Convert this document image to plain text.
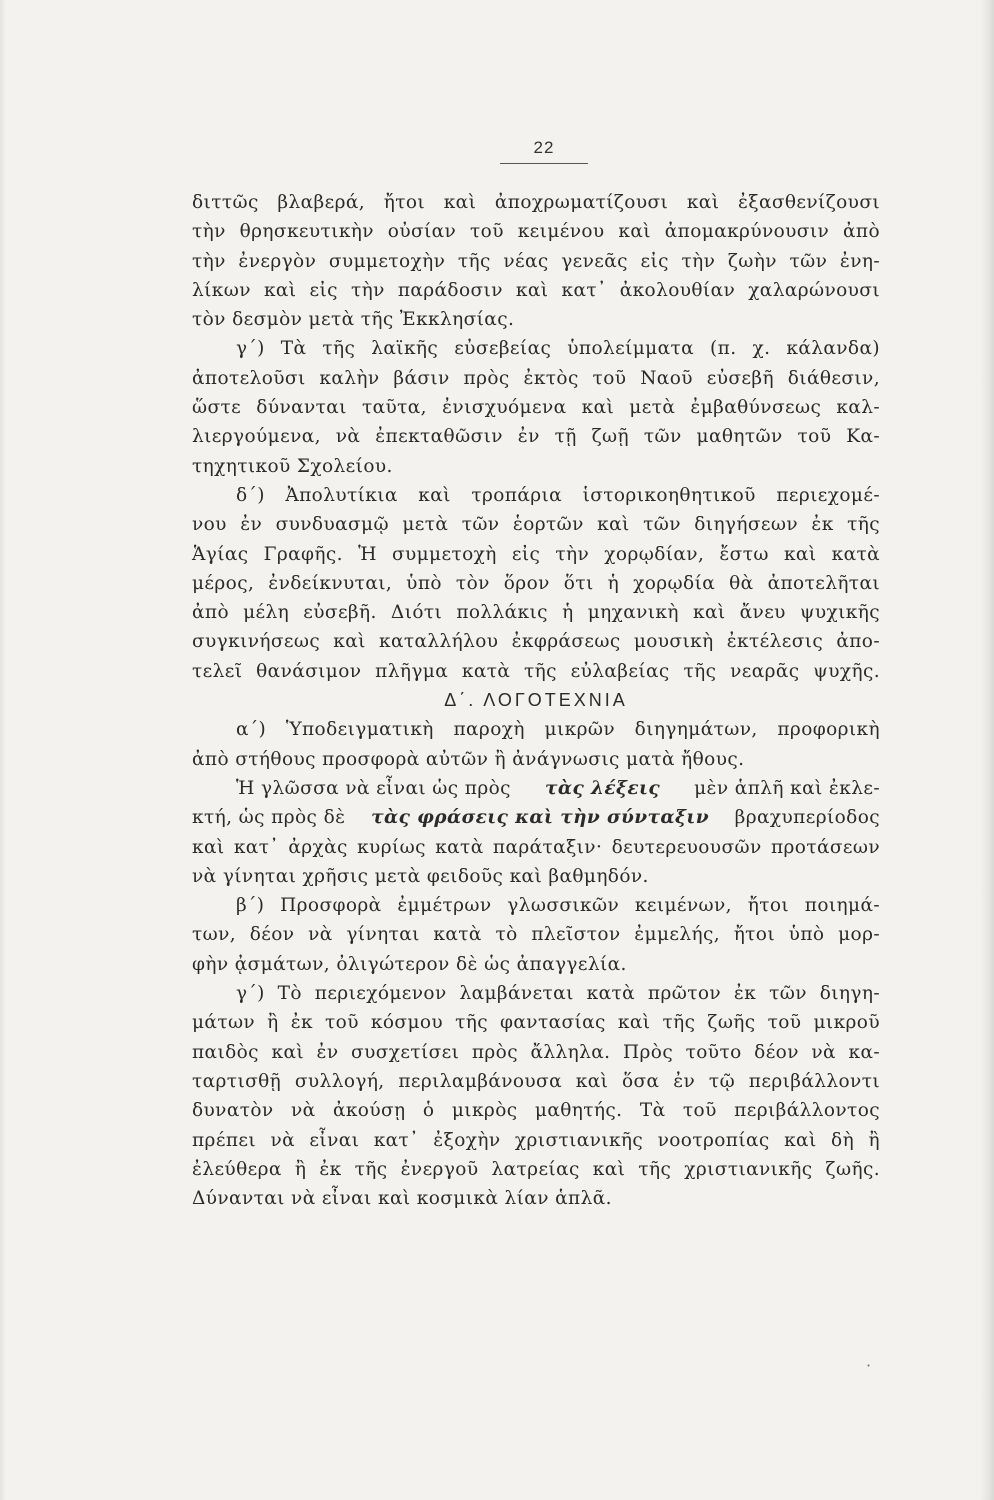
22
διττῶς βλαβερά, ἤτοι καὶ ἀποχρωματίζουσι καὶ ἐξασθενίζουσι
τὴν θρησκευτικὴν οὐσίαν τοῦ κειμένου καὶ ἀπομακρύνουσιν ἀπὸ
τὴν ἐνεργὸν συμμετοχὴν τῆς νέας γενεᾶς εἰς τὴν ζωὴν τῶν ἐνη-
λίκων καὶ εἰς τὴν παράδοσιν καὶ κατ᾿ ἀκολουθίαν χαλαρώνουσι
τὸν δεσμὸν μετὰ τῆς Ἐκκλησίας.
γ΄) Τὰ τῆς λαϊκῆς εὐσεβείας ὑπολείμματα (π. χ. κάλανδα)
ἀποτελοῦσι καλὴν βάσιν πρὸς ἐκτὸς τοῦ Ναοῦ εὐσεβῆ διάθεσιν,
ὥστε δύνανται ταῦτα, ἐνισχυόμενα καὶ μετὰ ἐμβαθύνσεως καλ-
λιεργούμενα, νὰ ἐπεκταθῶσιν ἐν τῇ ζωῇ τῶν μαθητῶν τοῦ Κα-
τηχητικοῦ Σχολείου.
δ΄) Ἀπολυτίκια καὶ τροπάρια ἱστορικοηθητικοῦ περιεχομέ-
νου ἐν συνδυασμῷ μετὰ τῶν ἑορτῶν καὶ τῶν διηγήσεων ἐκ τῆς
Ἁγίας Γραφῆς. Ἡ συμμετοχὴ εἰς τὴν χορῳδίαν, ἔστω καὶ κατὰ
μέρος, ἐνδείκνυται, ὑπὸ τὸν ὅρον ὅτι ἡ χορῳδία θὰ ἀποτελῆται
ἀπὸ μέλη εὐσεβῆ. Διότι πολλάκις ἡ μηχανικὴ καὶ ἄνευ ψυχικῆς
συγκινήσεως καὶ καταλλήλου ἐκφράσεως μουσικὴ ἐκτέλεσις ἀπο-
τελεῖ θανάσιμον πλῆγμα κατὰ τῆς εὐλαβείας τῆς νεαρᾶς ψυχῆς.
Δ΄. ΛΟΓΟΤΕΧΝΙΑ
α΄) Ὑποδειγματικὴ παροχὴ μικρῶν διηγημάτων, προφορικὴ
ἀπὸ στήθους προσφορὰ αὐτῶν ἢ ἀνάγνωσις ματὰ ἤθους.
Ἡ γλῶσσα νὰ εἶναι ὡς πρὸς τὰς λέξεις μὲν ἁπλῆ καὶ ἐκλε-
κτή, ὡς πρὸς δὲ τὰς φράσεις καὶ τὴν σύνταξιν βραχυπερίοδος
καὶ κατ᾿ ἀρχὰς κυρίως κατὰ παράταξιν· δευτερευουσῶν προτάσεων
νὰ γίνηται χρῆσις μετὰ φειδοῦς καὶ βαθμηδόν.
β΄) Προσφορὰ ἐμμέτρων γλωσσικῶν κειμένων, ἤτοι ποιημά-
των, δέον νὰ γίνηται κατὰ τὸ πλεῖστον ἐμμελής, ἤτοι ὑπὸ μορ-
φὴν ᾀσμάτων, ὀλιγώτερον δὲ ὡς ἀπαγγελία.
γ΄) Τὸ περιεχόμενον λαμβάνεται κατὰ πρῶτον ἐκ τῶν διηγη-
μάτων ἢ ἐκ τοῦ κόσμου τῆς φαντασίας καὶ τῆς ζωῆς τοῦ μικροῦ
παιδὸς καὶ ἐν συσχετίσει πρὸς ἄλληλα. Πρὸς τοῦτο δέον νὰ κα-
ταρτισθῇ συλλογή, περιλαμβάνουσα καὶ ὅσα ἐν τῷ περιβάλλοντι
δυνατὸν νὰ ἀκούσῃ ὁ μικρὸς μαθητής. Τὰ τοῦ περιβάλλοντος
πρέπει νὰ εἶναι κατ᾿ ἐξοχὴν χριστιανικῆς νοοτροπίας καὶ δὴ ἢ
ἐλεύθερα ἢ ἐκ τῆς ἐνεργοῦ λατρείας καὶ τῆς χριστιανικῆς ζωῆς.
Δύνανται νὰ εἶναι καὶ κοσμικὰ λίαν ἁπλᾶ.
·
